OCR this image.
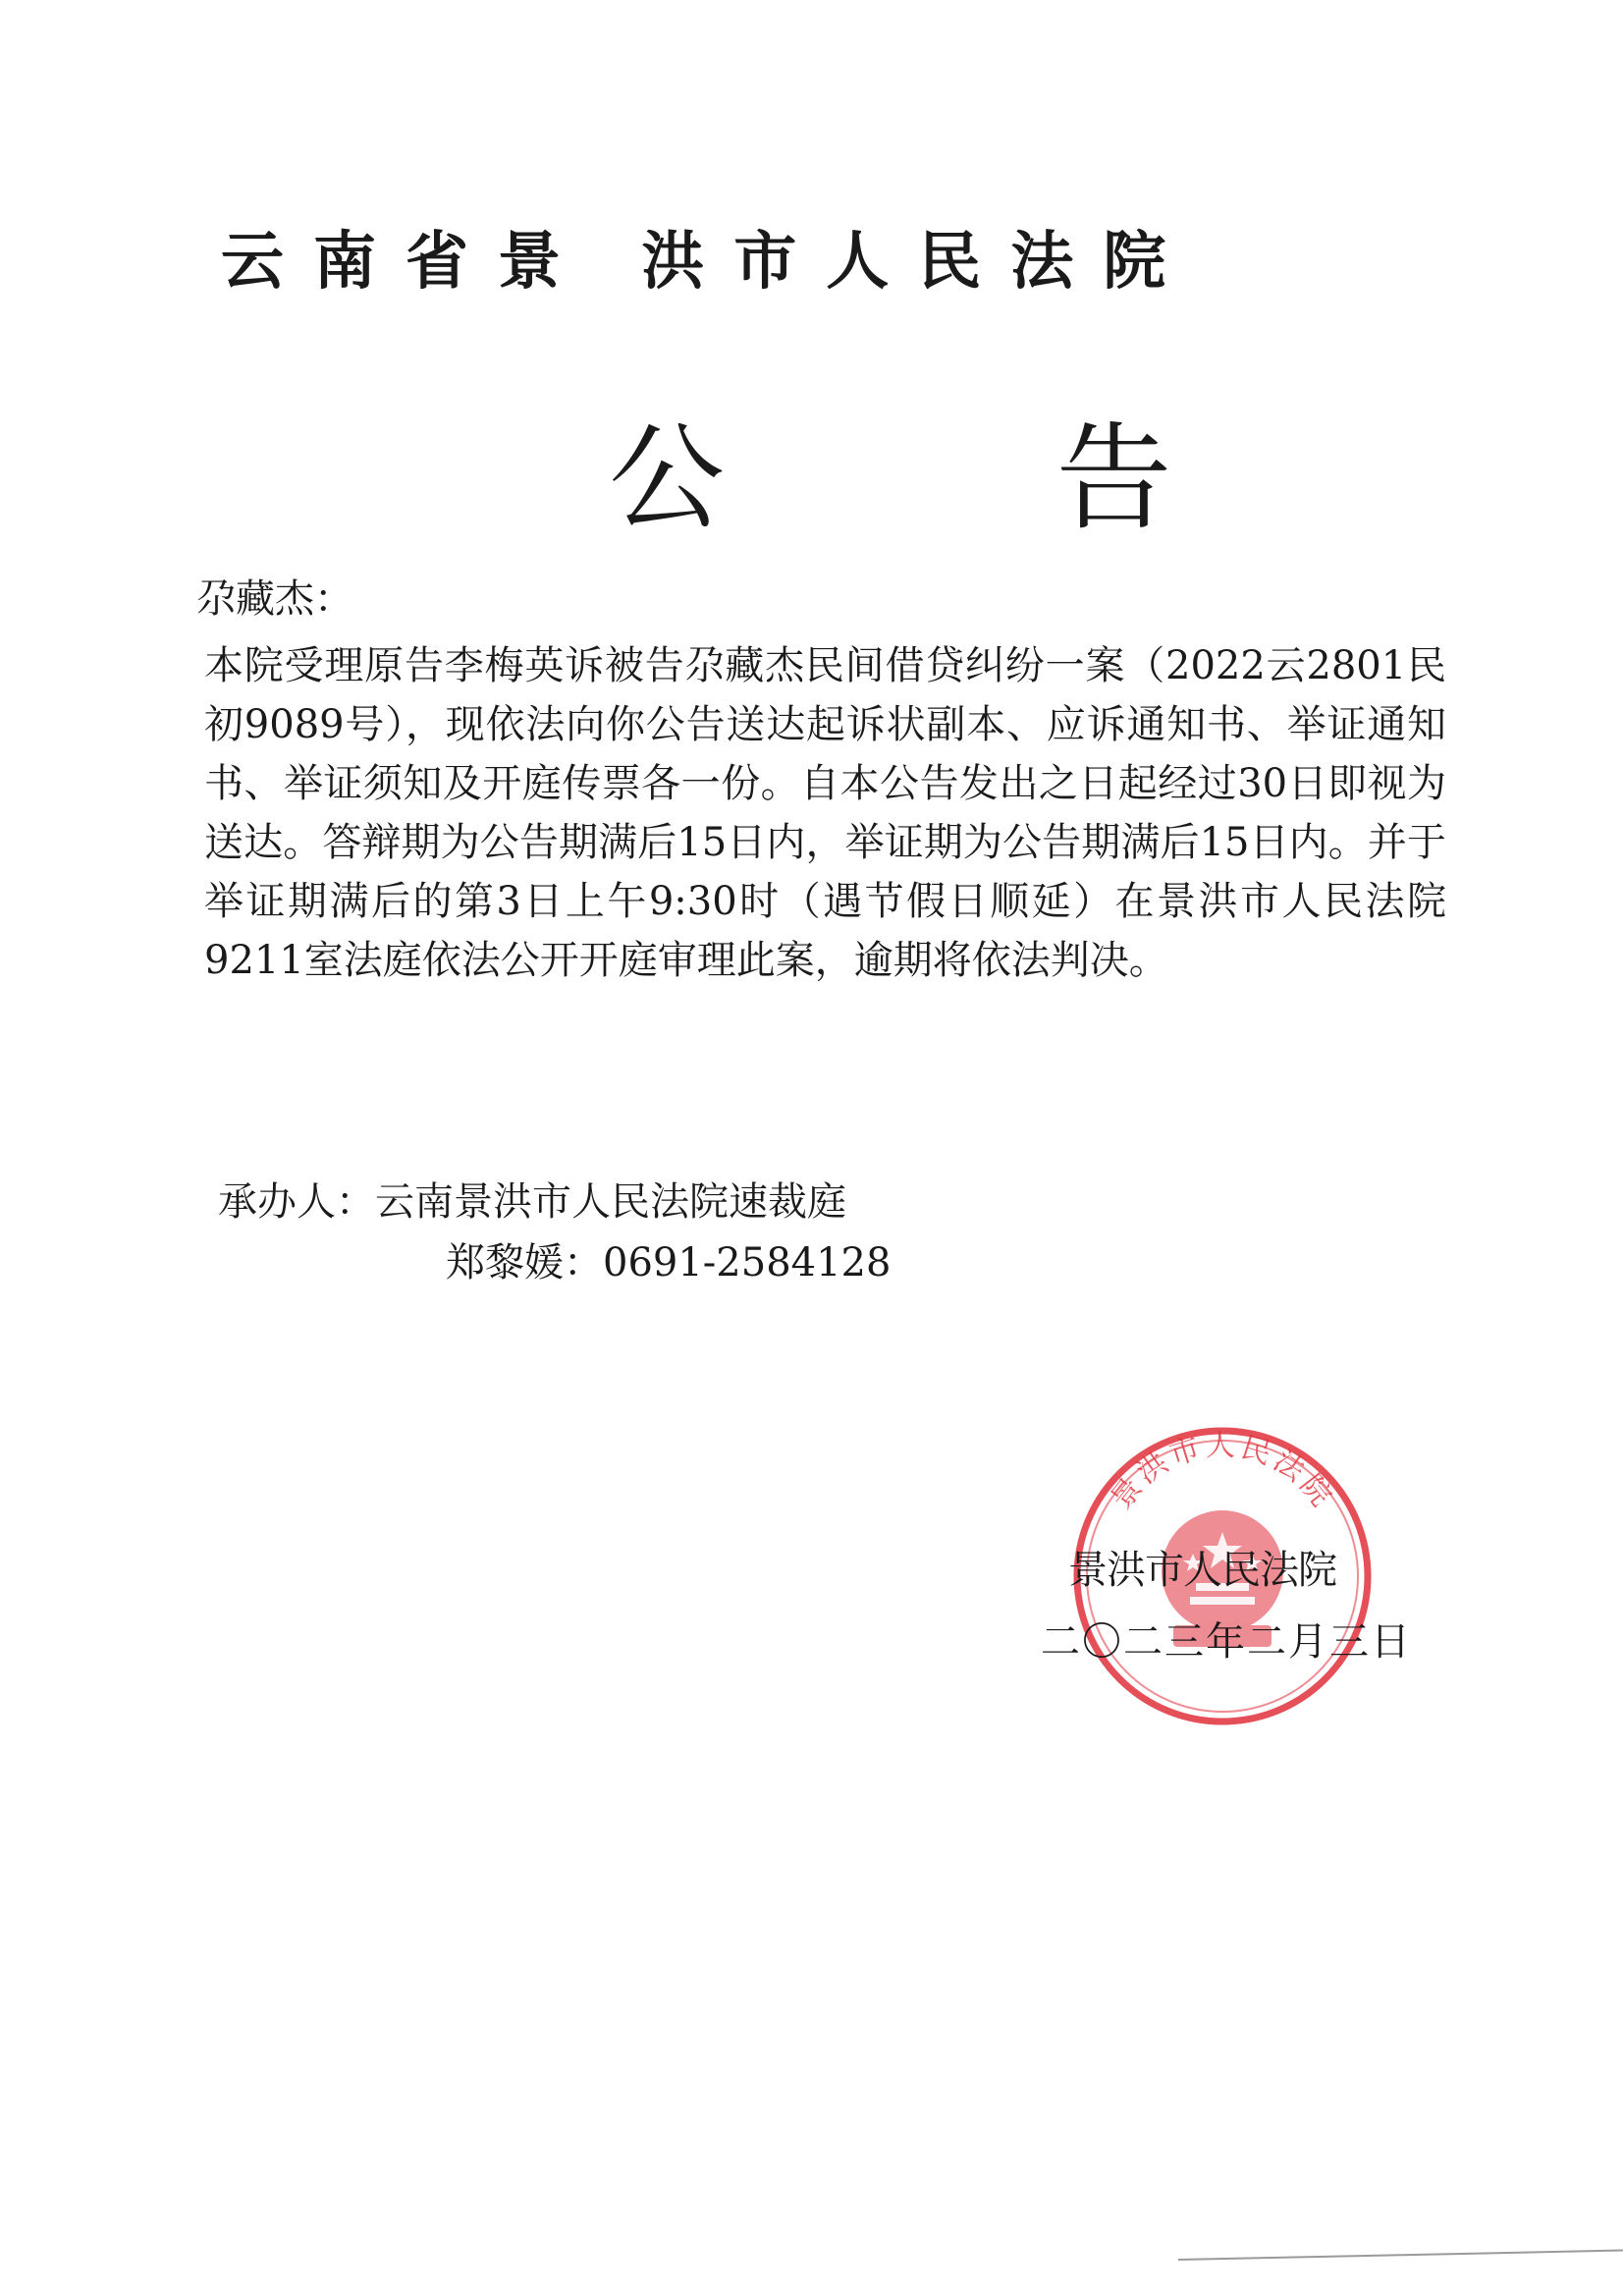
云南省景 洪市人民法院
公 告
尕藏杰：
本院受理原告李梅英诉被告尕藏杰民间借贷纠纷一案（2022云2801民初9089号），现依法向你公告送达起诉状副本、应诉通知书、举证通知书、举证须知及开庭传票各一份。自本公告发出之日起经过30日即视为送达。答辩期为公告期满后15日内，举证期为公告期满后15日内。并于举证期满后的第3日上午9:30时（遇节假日顺延）在景洪市人民法院9211室法庭依法公开开庭审理此案，逾期将依法判决。
承办人：云南景洪市人民法院速裁庭
郑黎媛：0691-2584128
景洪市人民法院
景洪市人民法院
二〇二三年二月三日
